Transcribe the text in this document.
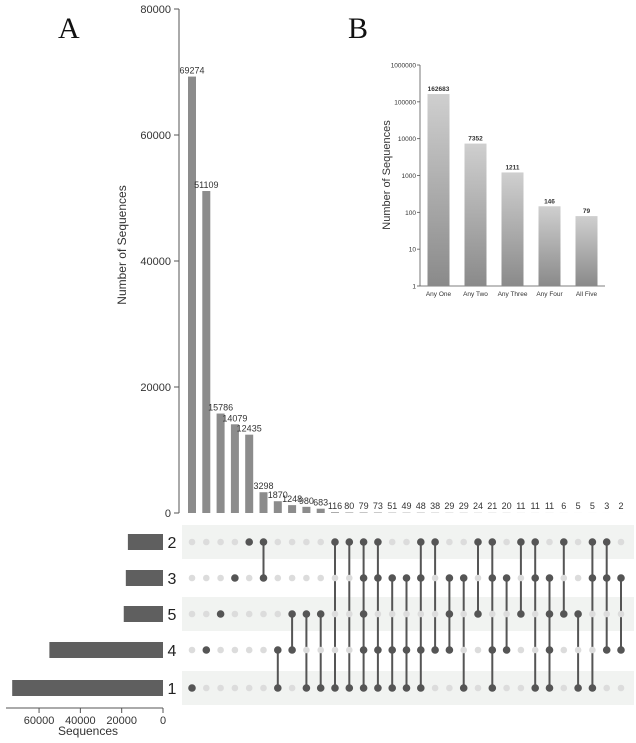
A	B
0
20000
40000
60000
80000
Number of Sequences
69274
51109
15786
14079
12435
3298
1870
1248
980 683 116 80 79 73 51 49 48 38 29 29 24 21 20 11 11 11 6 5 5 3 2
2
3
5
4
1
60000 40000 20000 0
Sequences
1
10
100
1000
10000
100000
1000000
Number of Sequences
162683
Any One
7352
Any Two
1211
Any Three
146
Any Four
79
All Five
